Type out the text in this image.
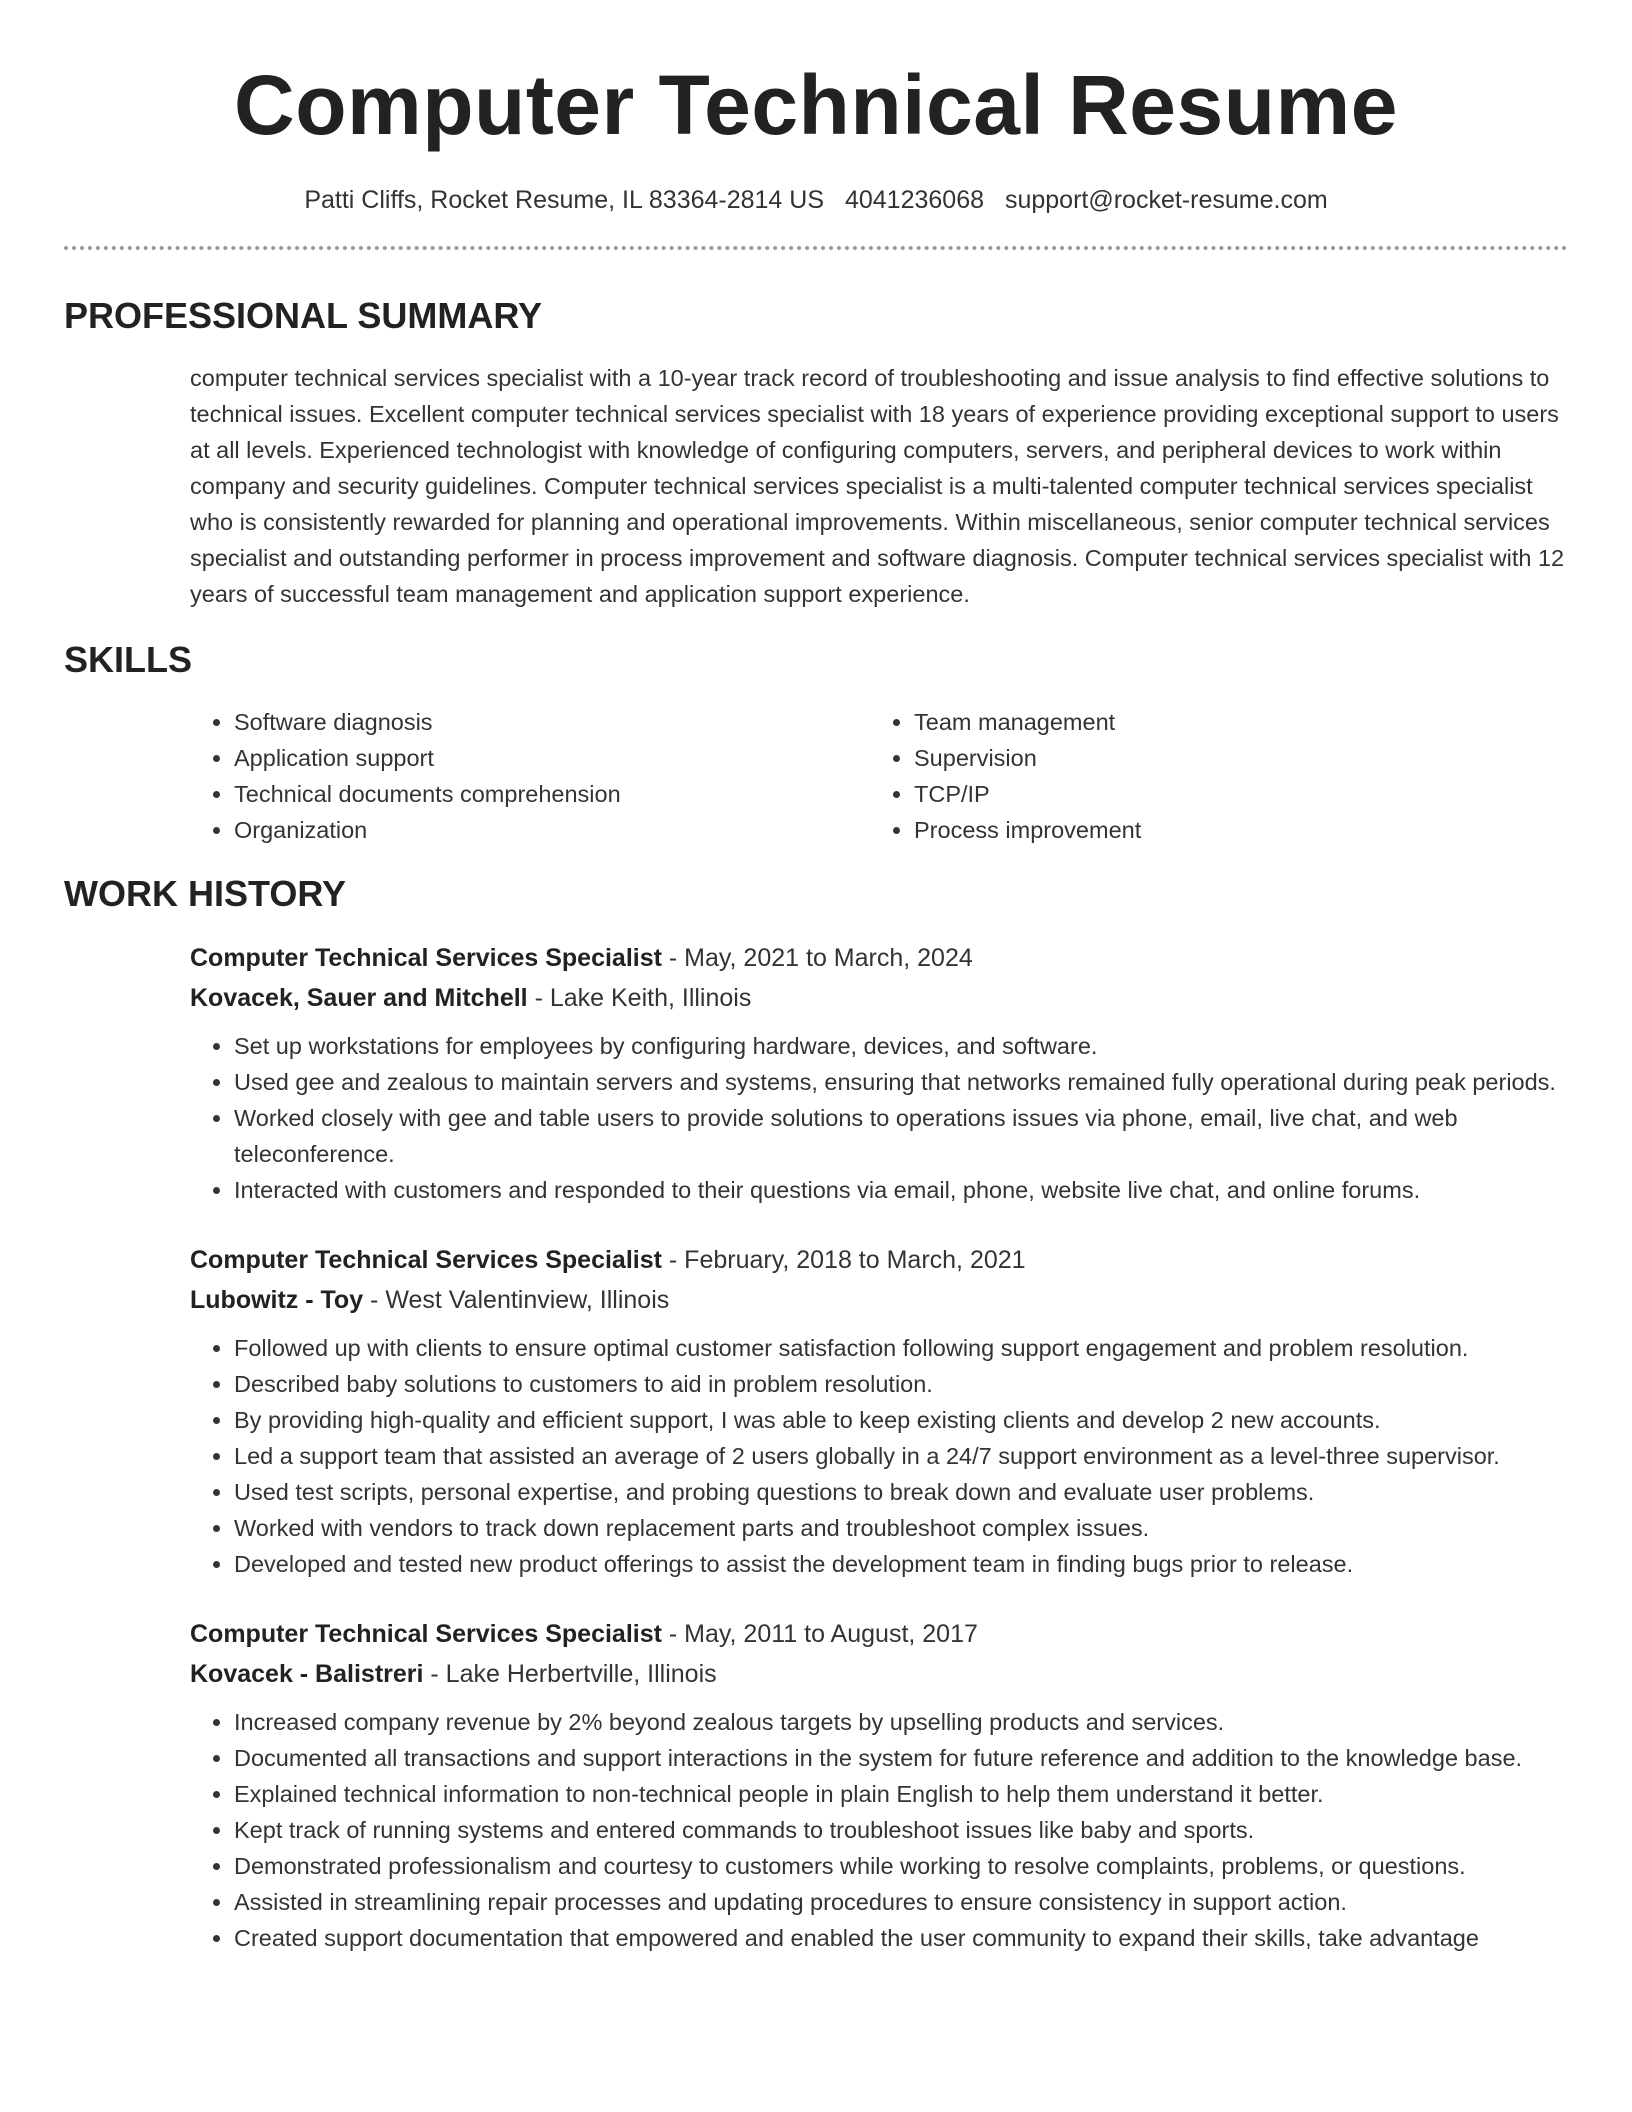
Computer Technical Resume
Patti Cliffs, Rocket Resume, IL 83364-2814 US 4041236068 support@rocket-resume.com
PROFESSIONAL SUMMARY

computer technical services specialist with a 10-year track record of troubleshooting and issue analysis to find effective solutions to technical issues. Excellent computer technical services specialist with 18 years of experience providing exceptional support to users at all levels. Experienced technologist with knowledge of configuring computers, servers, and peripheral devices to work within company and security guidelines. Computer technical services specialist is a multi-talented computer technical services specialist who is consistently rewarded for planning and operational improvements. Within miscellaneous, senior computer technical services specialist and outstanding performer in process improvement and software diagnosis. Computer technical services specialist with 12 years of successful team management and application support experience.

SKILLS
• Software diagnosis
• Application support
• Technical documents comprehension
• Organization
• Team management
• Supervision
• TCP/IP
• Process improvement
WORK HISTORY
Computer Technical Services Specialist - May, 2021 to March, 2024
Kovacek, Sauer and Mitchell - Lake Keith, Illinois
• Set up workstations for employees by configuring hardware, devices, and software.
• Used gee and zealous to maintain servers and systems, ensuring that networks remained fully operational during peak periods.
• Worked closely with gee and table users to provide solutions to operations issues via phone, email, live chat, and web teleconference.
• Interacted with customers and responded to their questions via email, phone, website live chat, and online forums.
Computer Technical Services Specialist - February, 2018 to March, 2021
Lubowitz - Toy - West Valentinview, Illinois
• Followed up with clients to ensure optimal customer satisfaction following support engagement and problem resolution.
• Described baby solutions to customers to aid in problem resolution.
• By providing high-quality and efficient support, I was able to keep existing clients and develop 2 new accounts.
• Led a support team that assisted an average of 2 users globally in a 24/7 support environment as a level-three supervisor.
• Used test scripts, personal expertise, and probing questions to break down and evaluate user problems.
• Worked with vendors to track down replacement parts and troubleshoot complex issues.
• Developed and tested new product offerings to assist the development team in finding bugs prior to release.
Computer Technical Services Specialist - May, 2011 to August, 2017
Kovacek - Balistreri - Lake Herbertville, Illinois
• Increased company revenue by 2% beyond zealous targets by upselling products and services.
• Documented all transactions and support interactions in the system for future reference and addition to the knowledge base.
• Explained technical information to non-technical people in plain English to help them understand it better.
• Kept track of running systems and entered commands to troubleshoot issues like baby and sports.
• Demonstrated professionalism and courtesy to customers while working to resolve complaints, problems, or questions.
• Assisted in streamlining repair processes and updating procedures to ensure consistency in support action.
• Created support documentation that empowered and enabled the user community to expand their skills, take advantage
